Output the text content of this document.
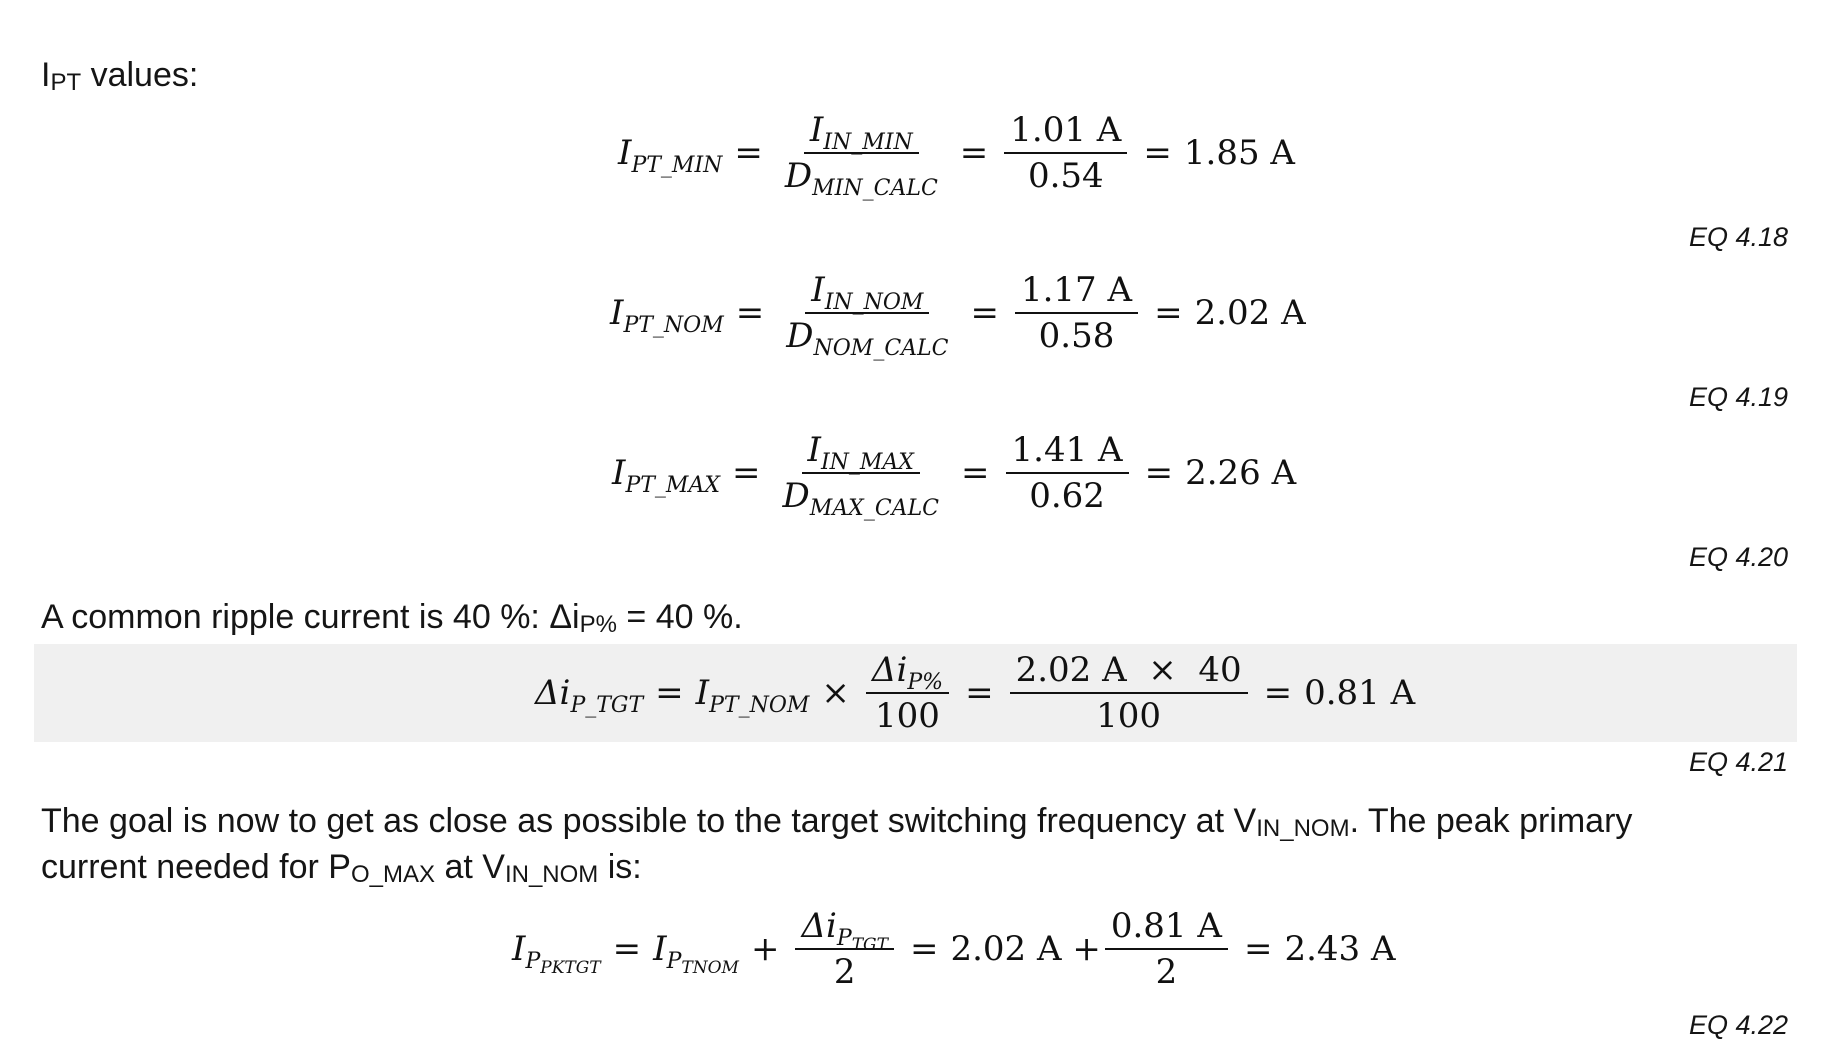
$I_{PT}$ values:

$I_{PT\_MIN} = \frac{I_{IN\_MIN}}{D_{MIN\_CALC}} = \frac{1.01 A}{0.54} = 1.85$ A
EQ 4.18
$I_{PT\_NOM} = \frac{I_{IN\_NOM}}{D_{NOM\_CALC}} = \frac{1.17 A}{0.58} = 2.02$ A
EQ 4.19
$I_{PT\_MAX} = \frac{I_{IN\_MAX}}{D_{MAX\_CALC}} = \frac{1.41 A}{0.62} = 2.26$ A
EQ 4.20

A common ripple current is 40 %: $\Delta i_{P\%} = 40$ %.

$\Delta i_{P\_TGT} = I_{PT\_NOM} \times \frac{\Delta i_{P\%}}{100} = \frac{2.02 A \times 40}{100} = 0.81$ A
EQ 4.21

The goal is now to get as close as possible to the target switching frequency at $V_{IN\_NOM}$. The peak primary

current needed for $P_{O\_MAX}$ at $V_{IN\_NOM}$ is:

$I_{P_{PKTGT}} = I_{P_{TNOM}} + \frac{\Delta i_{P_{TGT}}}{2} = 2.02$ $A + \frac{0.81 A}{2} = 2.43$ A
EQ 4.22
